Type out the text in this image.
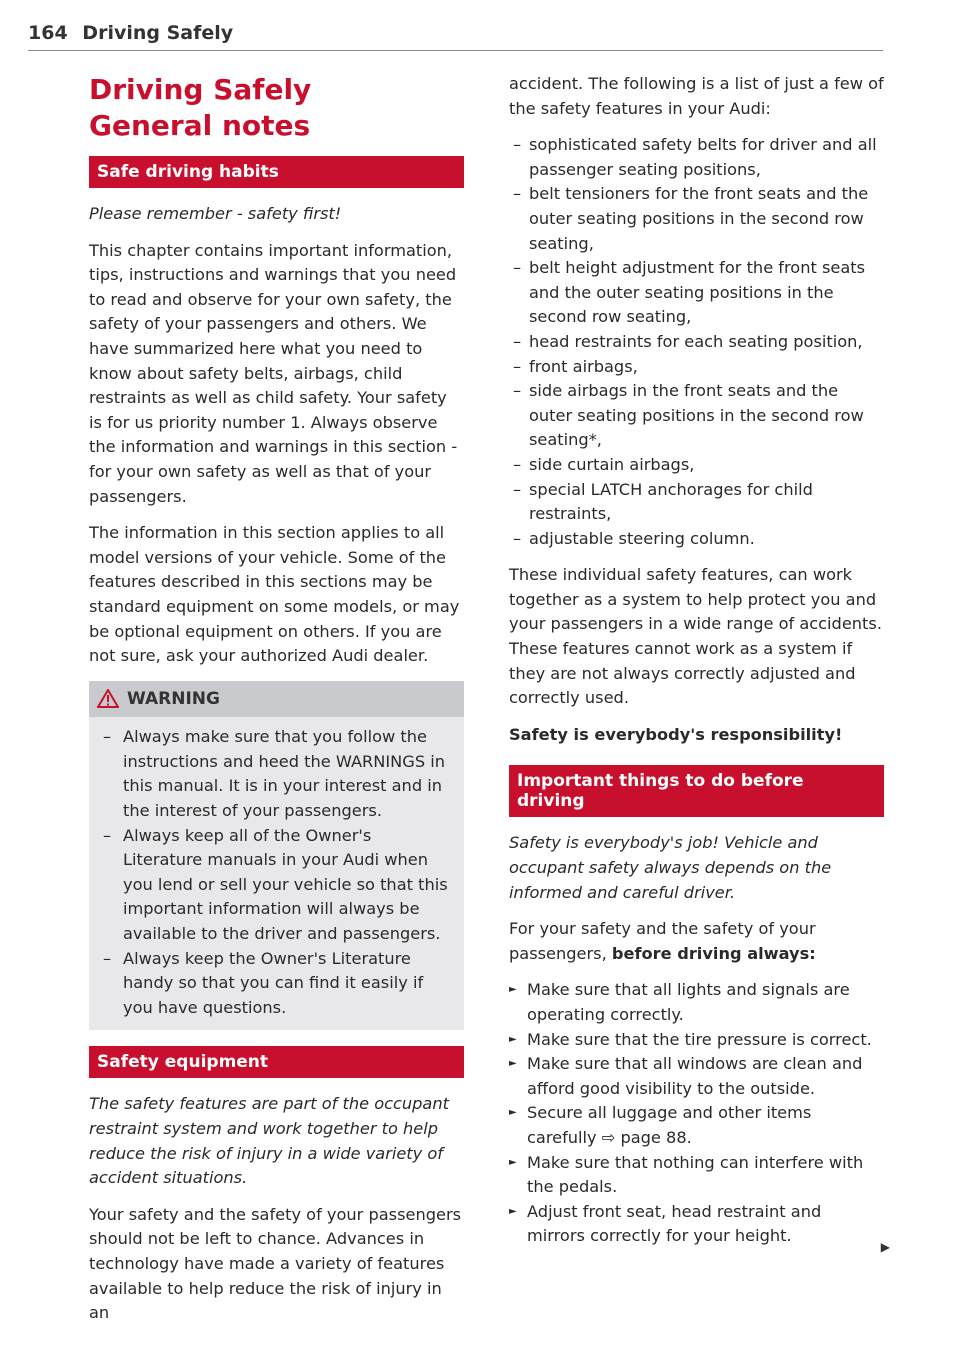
164 Driving Safely
Driving Safely
General notes
Safe driving habits

Please remember - safety first!

This chapter contains important information, tips, instructions and warnings that you need to read and observe for your own safety, the safety of your passengers and others. We have summarized here what you need to know about safety belts, airbags, child restraints as well as child safety. Your safety is for us priority number 1. Always observe the information and warnings in this section - for your own safety as well as that of your passengers.

The information in this section applies to all model versions of your vehicle. Some of the features described in this sections may be standard equipment on some models, or may be optional equipment on others. If you are not sure, ask your authorized Audi dealer.

WARNING
– Always make sure that you follow the instructions and heed the WARNINGS in this manual. It is in your interest and in the interest of your passengers.
– Always keep all of the Owner's Literature manuals in your Audi when you lend or sell your vehicle so that this important information will always be available to the driver and passengers.
– Always keep the Owner's Literature handy so that you can find it easily if you have questions.
Safety equipment

The safety features are part of the occupant restraint system and work together to help reduce the risk of injury in a wide variety of accident situations.

Your safety and the safety of your passengers should not be left to chance. Advances in technology have made a variety of features available to help reduce the risk of injury in an

accident. The following is a list of just a few of the safety features in your Audi:

– sophisticated safety belts for driver and all passenger seating positions,
– belt tensioners for the front seats and the outer seating positions in the second row seating,
– belt height adjustment for the front seats and the outer seating positions in the second row seating,
– head restraints for each seating position,
– front airbags,
– side airbags in the front seats and the outer seating positions in the second row seating*,
– side curtain airbags,
– special LATCH anchorages for child restraints,
– adjustable steering column.

These individual safety features, can work together as a system to help protect you and your passengers in a wide range of accidents. These features cannot work as a system if they are not always correctly adjusted and correctly used.

Safety is everybody's responsibility!

Important things to do before driving

Safety is everybody's job! Vehicle and occupant safety always depends on the informed and careful driver.

For your safety and the safety of your passengers, before driving always:

► Make sure that all lights and signals are operating correctly.
► Make sure that the tire pressure is correct.
► Make sure that all windows are clean and afford good visibility to the outside.
► Secure all luggage and other items carefully ⇨ page 88.
► Make sure that nothing can interfere with the pedals.
► Adjust front seat, head restraint and mirrors correctly for your height.
▶
